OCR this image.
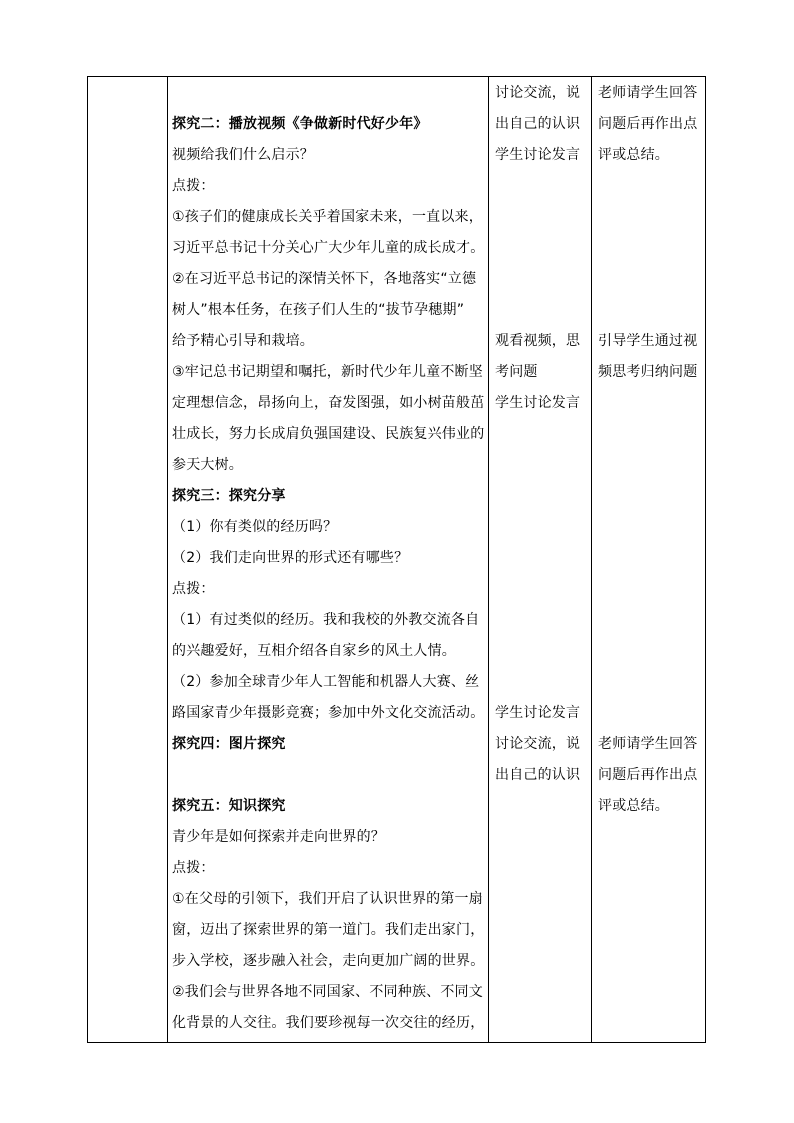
探究二：播放视频《争做新时代好少年》
视频给我们什么启示？
点拨：
①孩子们的健康成长关乎着国家未来，一直以来，
习近平总书记十分关心广大少年儿童的成长成才。
②在习近平总书记的深情关怀下，各地落实“立德
树人”根本任务，在孩子们人生的“拔节孕穗期”
给予精心引导和栽培。
③牢记总书记期望和嘱托，新时代少年儿童不断坚
定理想信念，昂扬向上，奋发图强，如小树苗般茁
壮成长，努力长成肩负强国建设、民族复兴伟业的
参天大树。
探究三：探究分享
（1）你有类似的经历吗？
（2）我们走向世界的形式还有哪些？
点拨：
（1）有过类似的经历。我和我校的外教交流各自
的兴趣爱好，互相介绍各自家乡的风土人情。
（2）参加全球青少年人工智能和机器人大赛、丝
路国家青少年摄影竞赛；参加中外文化交流活动。
探究四：图片探究
探究五：知识探究
青少年是如何探索并走向世界的？
点拨：
①在父母的引领下，我们开启了认识世界的第一扇
窗，迈出了探索世界的第一道门。我们走出家门，
步入学校，逐步融入社会，走向更加广阔的世界。
②我们会与世界各地不同国家、不同种族、不同文
化背景的人交往。我们要珍视每一次交往的经历，
讨论交流，说
出自己的认识
学生讨论发言
观看视频，思
考问题
学生讨论发言
学生讨论发言
讨论交流，说
出自己的认识
老师请学生回答
问题后再作出点
评或总结。
引导学生通过视
频思考归纳问题
老师请学生回答
问题后再作出点
评或总结。
